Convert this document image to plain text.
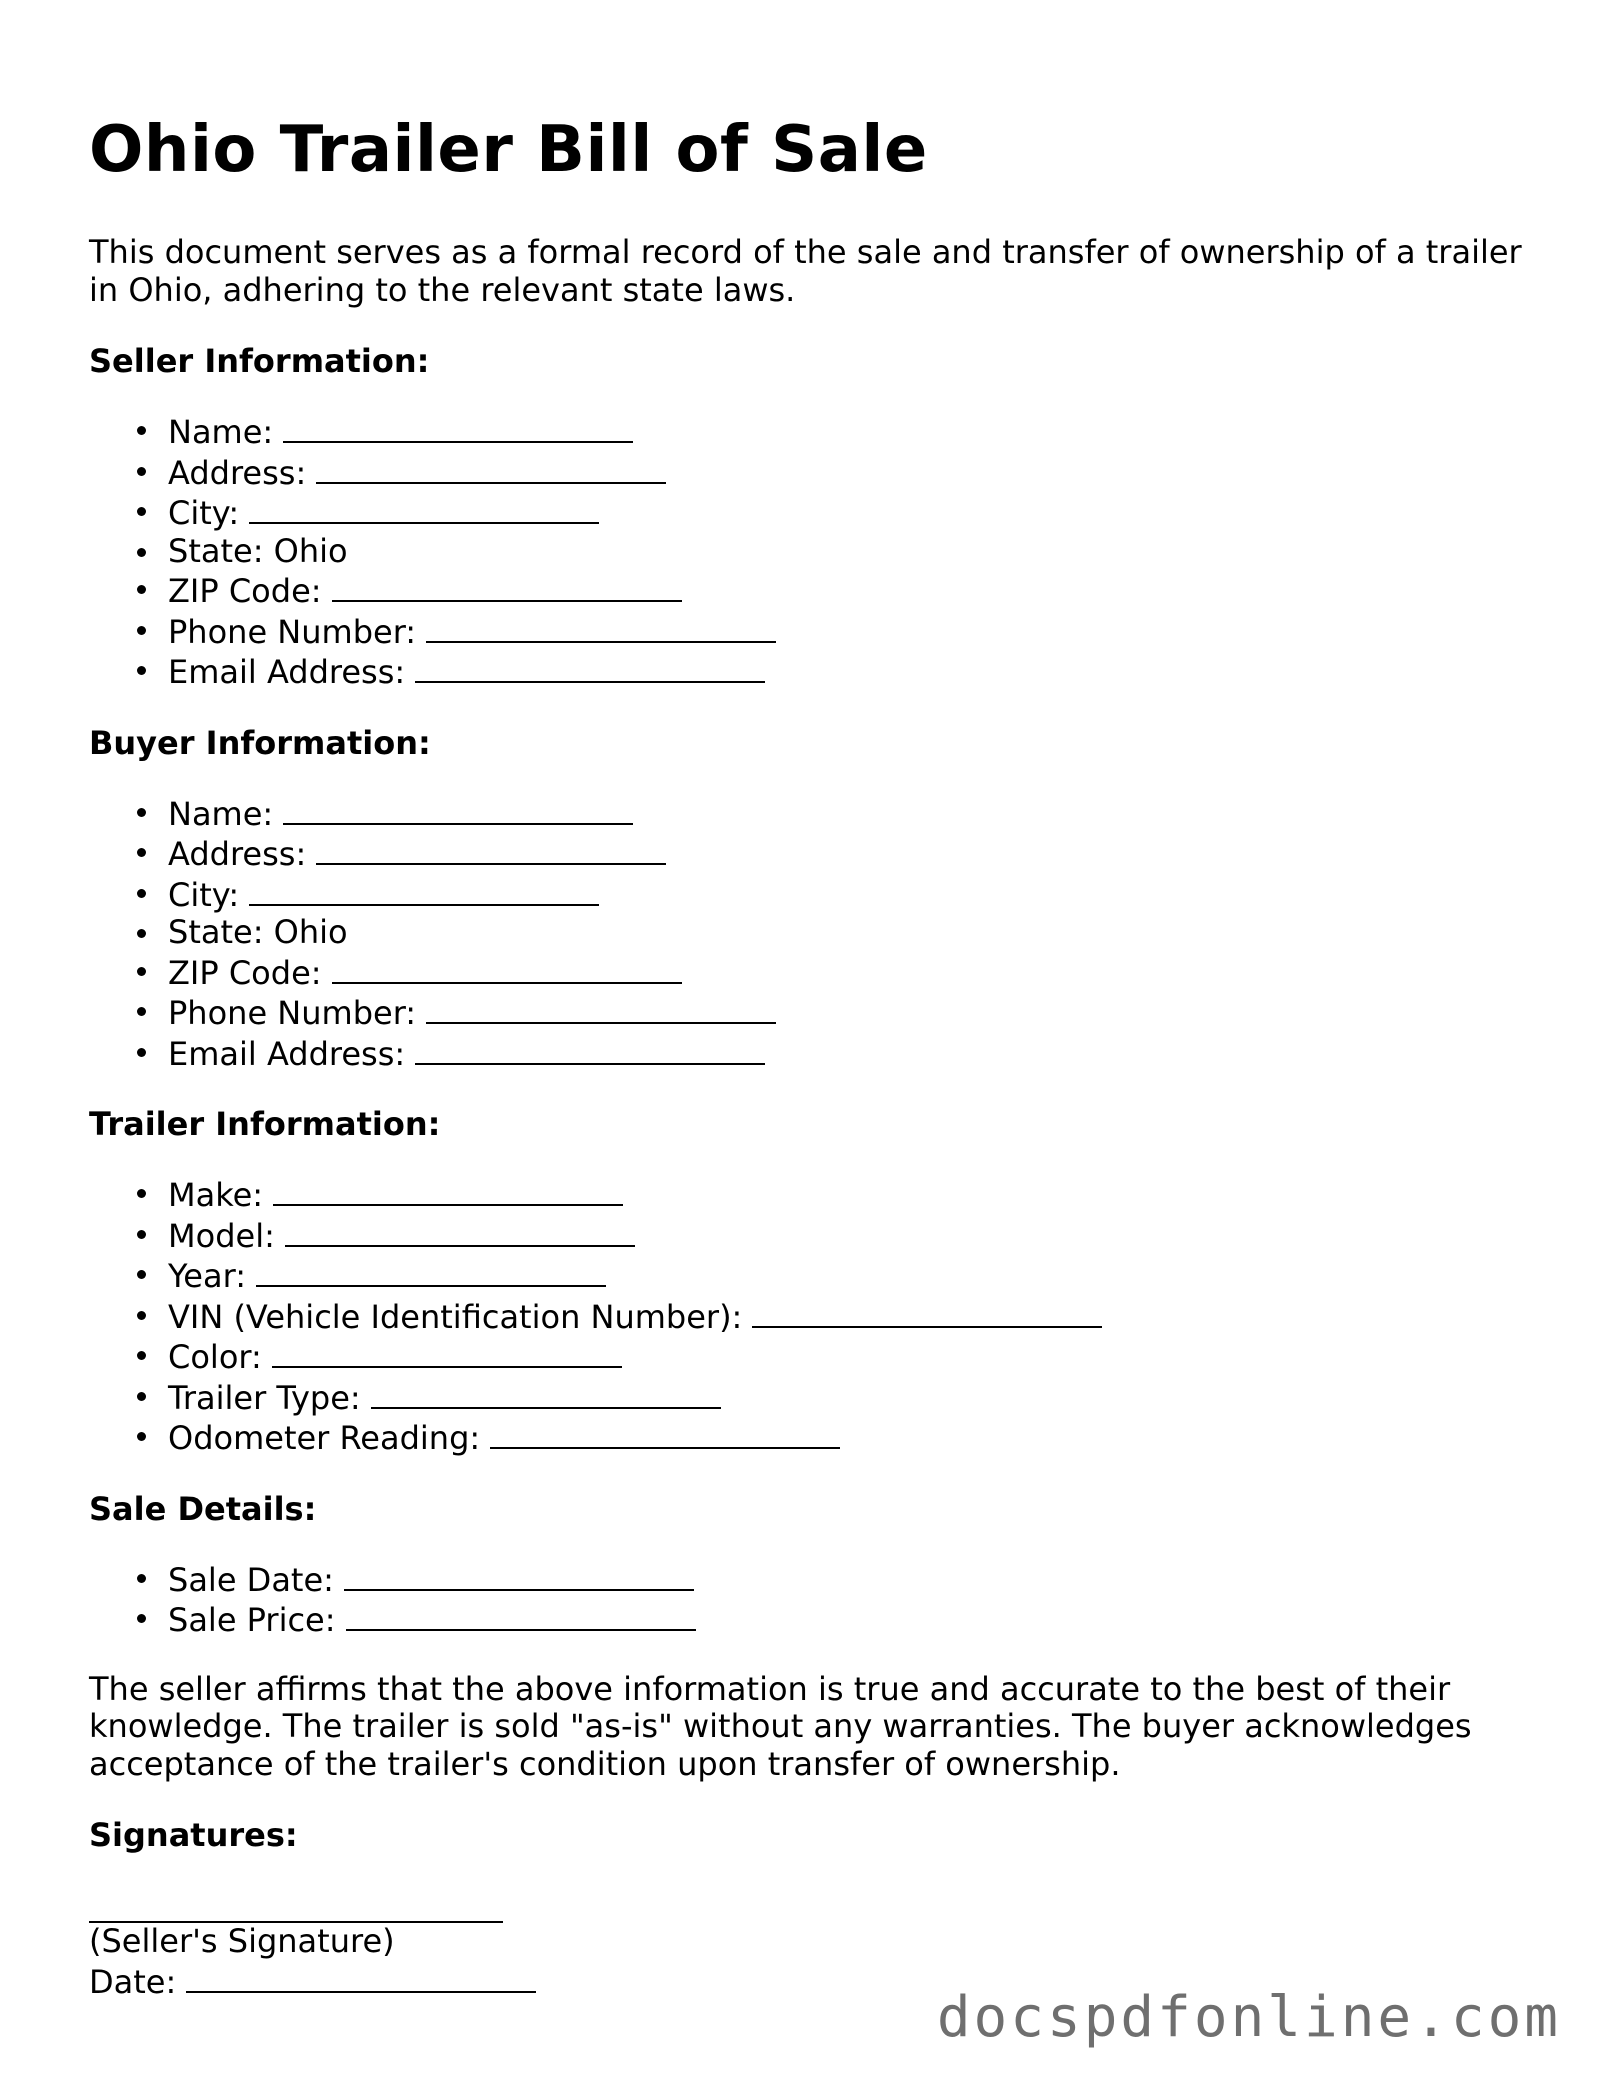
Ohio Trailer Bill of Sale

This document serves as a formal record of the sale and transfer of ownership of a trailer in Ohio, adhering to the relevant state laws.

Seller Information:
Name:
Address:
City:
State: Ohio
ZIP Code:
Phone Number:
Email Address:
Buyer Information:
Name:
Address:
City:
State: Ohio
ZIP Code:
Phone Number:
Email Address:
Trailer Information:
Make:
Model:
Year:
VIN (Vehicle Identification Number):
Color:
Trailer Type:
Odometer Reading:
Sale Details:
Sale Date:
Sale Price:

The seller affirms that the above information is true and accurate to the best of their knowledge. The trailer is sold "as-is" without any warranties. The buyer acknowledges acceptance of the trailer's condition upon transfer of ownership.

Signatures:
(Seller's Signature)
Date:
docspdfonline.com
